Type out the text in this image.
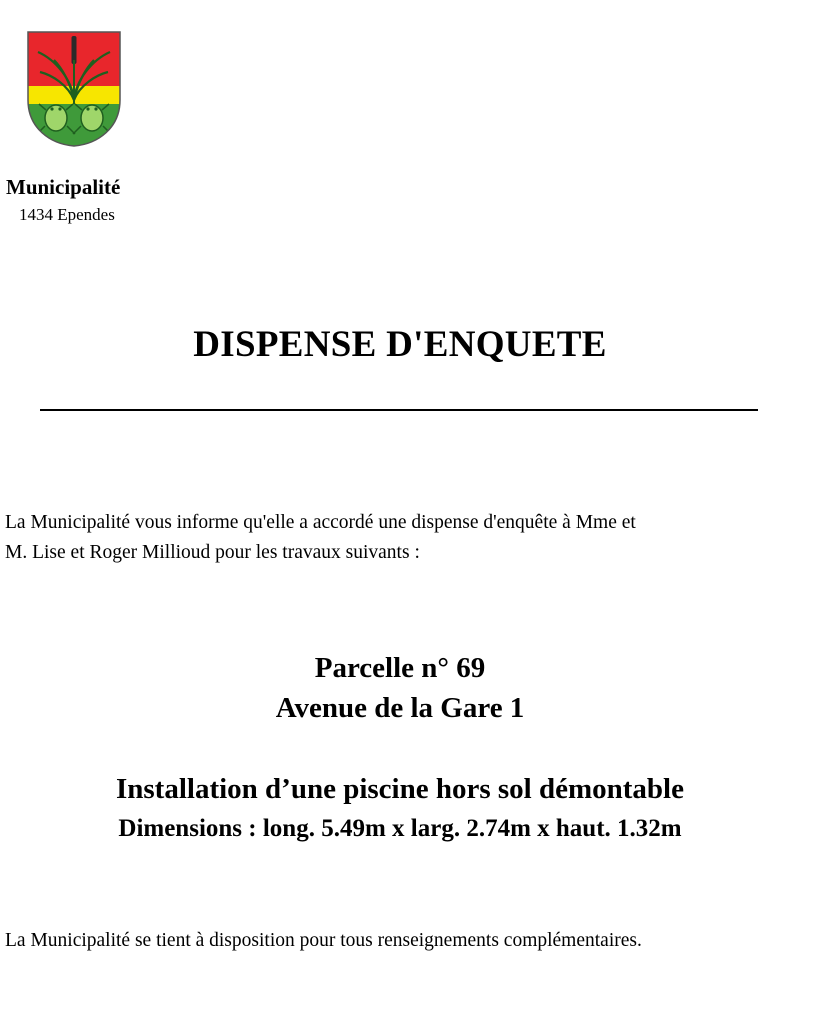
Municipalité
1434 Ependes
DISPENSE D'ENQUETE
La Municipalité vous informe qu'elle a accordé une dispense d'enquête à Mme et
M. Lise et Roger Millioud pour les travaux suivants :
Parcelle n° 69
Avenue de la Gare 1
Installation d’une piscine hors sol démontable
Dimensions : long. 5.49m x larg. 2.74m x haut. 1.32m
La Municipalité se tient à disposition pour tous renseignements complémentaires.
